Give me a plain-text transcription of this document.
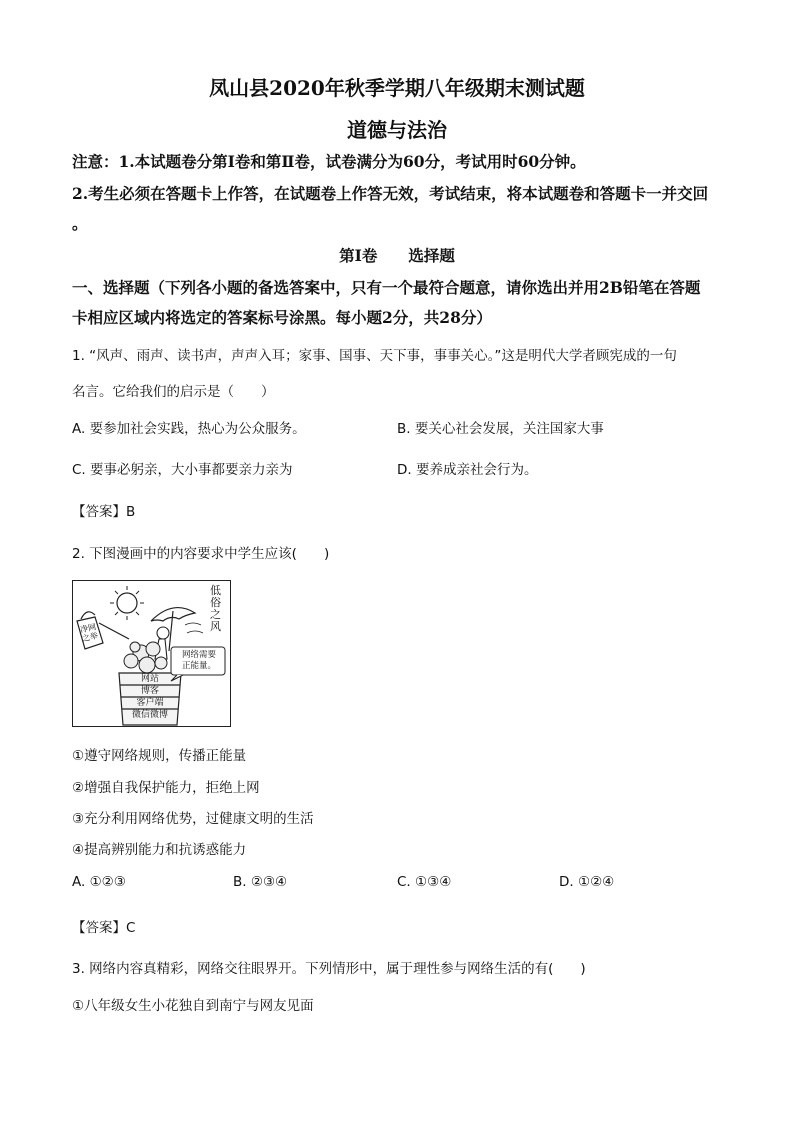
凤山县2020年秋季学期八年级期末测试题
道德与法治
注意：1.本试题卷分第Ⅰ卷和第Ⅱ卷，试卷满分为60分，考试用时60分钟。
2.考生必须在答题卡上作答，在试题卷上作答无效，考试结束，将本试题卷和答题卡一并交回
。
第Ⅰ卷　　选择题
一、选择题（下列各小题的备选答案中，只有一个最符合题意，请你选出并用2B铅笔在答题
卡相应区域内将选定的答案标号涂黑。每小题2分，共28分）
1. “风声、雨声、读书声，声声入耳；家事、国事、天下事，事事关心。”这是明代大学者顾宪成的一句
名言。它给我们的启示是（　　）
A. 要参加社会实践，热心为公众服务。	B. 要关心社会发展，关注国家大事
C. 要事必躬亲，大小事都要亲力亲为	D. 要养成亲社会行为。
【答案】B
2. 下图漫画中的内容要求中学生应该(　　)
低
俗
之
风
净网
之举
网络需要
正能量。
网站
博客
客户端
微信微博
①遵守网络规则，传播正能量
②增强自我保护能力，拒绝上网
③充分利用网络优势，过健康文明的生活
④提高辨别能力和抗诱惑能力
A. ①②③	B. ②③④	C. ①③④	D. ①②④
【答案】C
3. 网络内容真精彩，网络交往眼界开。下列情形中，属于理性参与网络生活的有(　　)
①八年级女生小花独自到南宁与网友见面
